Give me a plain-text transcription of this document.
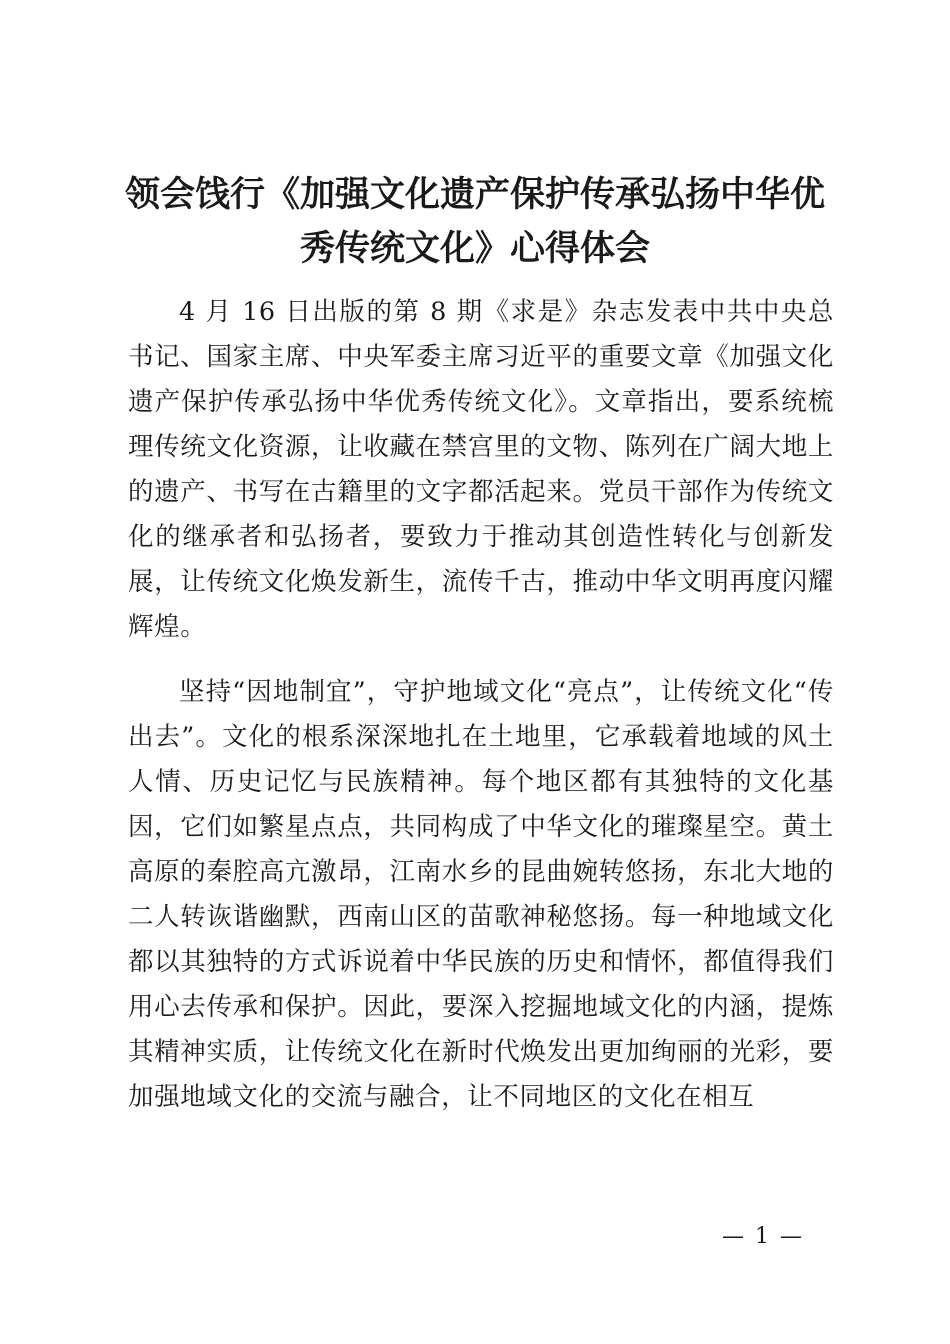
领会饯行《加强文化遗产保护传承弘扬中华优
秀传统文化》心得体会

4 月 16 日出版的第 8 期《求是》杂志发表中共中央总书记、国家主席、中央军委主席习近平的重要文章《加强文化遗产保护传承弘扬中华优秀传统文化》。文章指出，要系统梳理传统文化资源，让收藏在禁宫里的文物、陈列在广阔大地上的遗产、书写在古籍里的文字都活起来。党员干部作为传统文化的继承者和弘扬者，要致力于推动其创造性转化与创新发展，让传统文化焕发新生，流传千古，推动中华文明再度闪耀辉煌。

坚持“因地制宜”，守护地域文化“亮点”，让传统文化“传出去”。文化的根系深深地扎在土地里，它承载着地域的风土人情、历史记忆与民族精神。每个地区都有其独特的文化基因，它们如繁星点点，共同构成了中华文化的璀璨星空。黄土高原的秦腔高亢激昂，江南水乡的昆曲婉转悠扬，东北大地的二人转诙谐幽默，西南山区的苗歌神秘悠扬。每一种地域文化都以其独特的方式诉说着中华民族的历史和情怀，都值得我们用心去传承和保护。因此，要深入挖掘地域文化的内涵，提炼其精神实质，让传统文化在新时代焕发出更加绚丽的光彩，要加强地域文化的交流与融合，让不同地区的文化在相互

— 1 —
